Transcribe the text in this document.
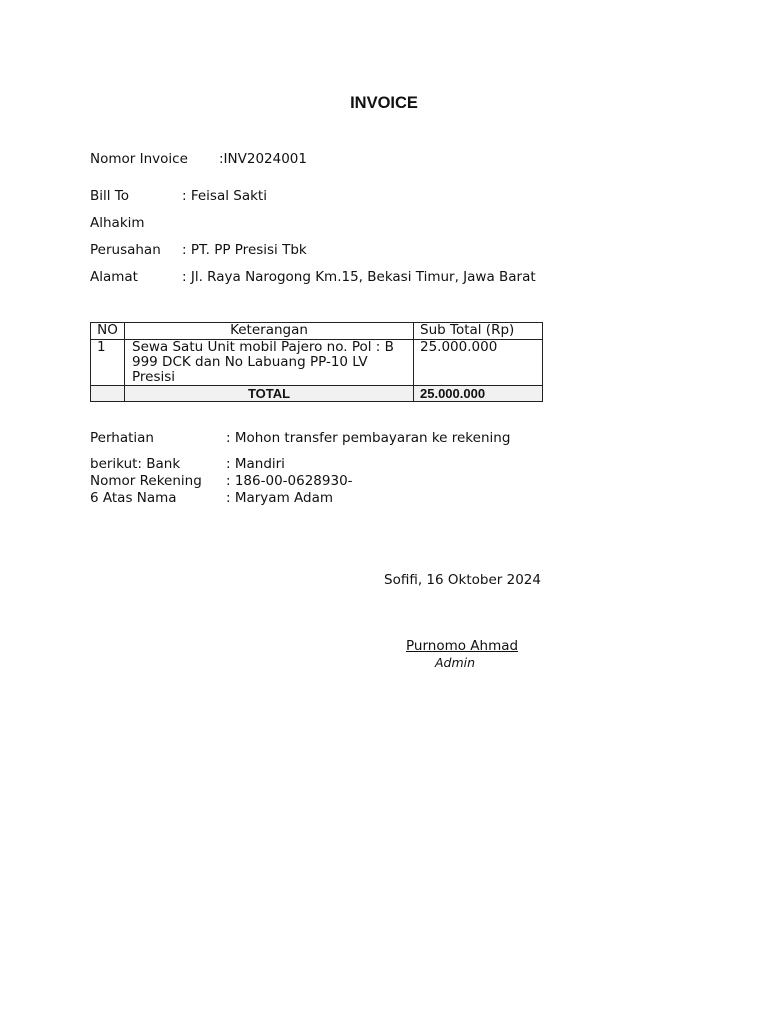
INVOICE
Nomor Invoice :INV2024001
Bill To	: Feisal Sakti
Alhakim
Perusahan : PT. PP Presisi Tbk
Alamat	: Jl. Raya Narogong Km.15, Bekasi Timur, Jawa Barat
NO	Keterangan	Sub Total (Rp)
1	Sewa Satu Unit mobil Pajero no. Pol : B 999 DCK dan No Labuang PP-10 LV Presisi	25.000.000
	TOTAL	25.000.000
Perhatian	: Mohon transfer pembayaran ke rekening
berikut: Bank	: Mandiri
Nomor Rekening : 186-00-0628930-
6 Atas Nama	: Maryam Adam
Sofifi, 16 Oktober 2024
Purnomo Ahmad
Admin
